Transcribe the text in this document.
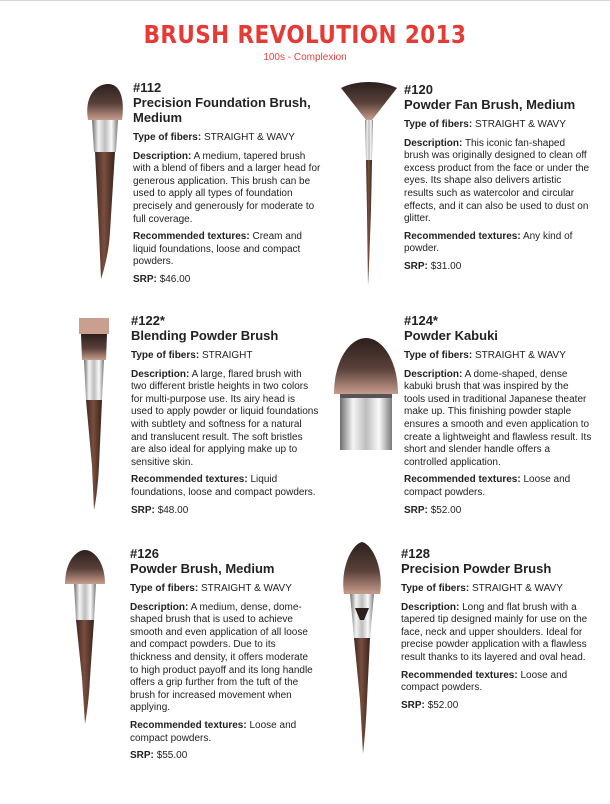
BRUSH REVOLUTION 2013
100s - Complexion
#112
Precision Foundation Brush, Medium
Type of fibers: STRAIGHT & WAVY
Description: A medium, tapered brush with a blend of fibers and a larger head for generous application. This brush can be used to apply all types of foundation precisely and generously for moderate to full coverage.
Recommended textures: Cream and liquid foundations, loose and compact powders.
SRP: $46.00
#120
Powder Fan Brush, Medium
Type of fibers: STRAIGHT & WAVY
Description: This iconic fan-shaped brush was originally designed to clean off excess product from the face or under the eyes. Its shape also delivers artistic results such as watercolor and circular effects, and it can also be used to dust on glitter.
Recommended textures: Any kind of powder.
SRP: $31.00
#122*
Blending Powder Brush
Type of fibers: STRAIGHT
Description: A large, flared brush with two different bristle heights in two colors for multi-purpose use. Its airy head is used to apply powder or liquid foundations with subtlety and softness for a natural and translucent result. The soft bristles are also ideal for applying make up to sensitive skin.
Recommended textures: Liquid foundations, loose and compact powders.
SRP: $48.00
#124*
Powder Kabuki
Type of fibers: STRAIGHT & WAVY
Description: A dome-shaped, dense kabuki brush that was inspired by the tools used in traditional Japanese theater make up. This finishing powder staple ensures a smooth and even application to create a lightweight and flawless result. Its short and slender handle offers a controlled application.
Recommended textures: Loose and compact powders.
SRP: $52.00
#126
Powder Brush, Medium
Type of fibers: STRAIGHT & WAVY
Description: A medium, dense, dome-shaped brush that is used to achieve smooth and even application of all loose and compact powders. Due to its thickness and density, it offers moderate to high product payoff and its long handle offers a grip further from the tuft of the brush for increased movement when applying.
Recommended textures: Loose and compact powders.
SRP: $55.00
#128
Precision Powder Brush
Type of fibers: STRAIGHT & WAVY
Description: Long and flat brush with a tapered tip designed mainly for use on the face, neck and upper shoulders. Ideal for precise powder application with a flawless result thanks to its layered and oval head.
Recommended textures: Loose and compact powders.
SRP: $52.00
